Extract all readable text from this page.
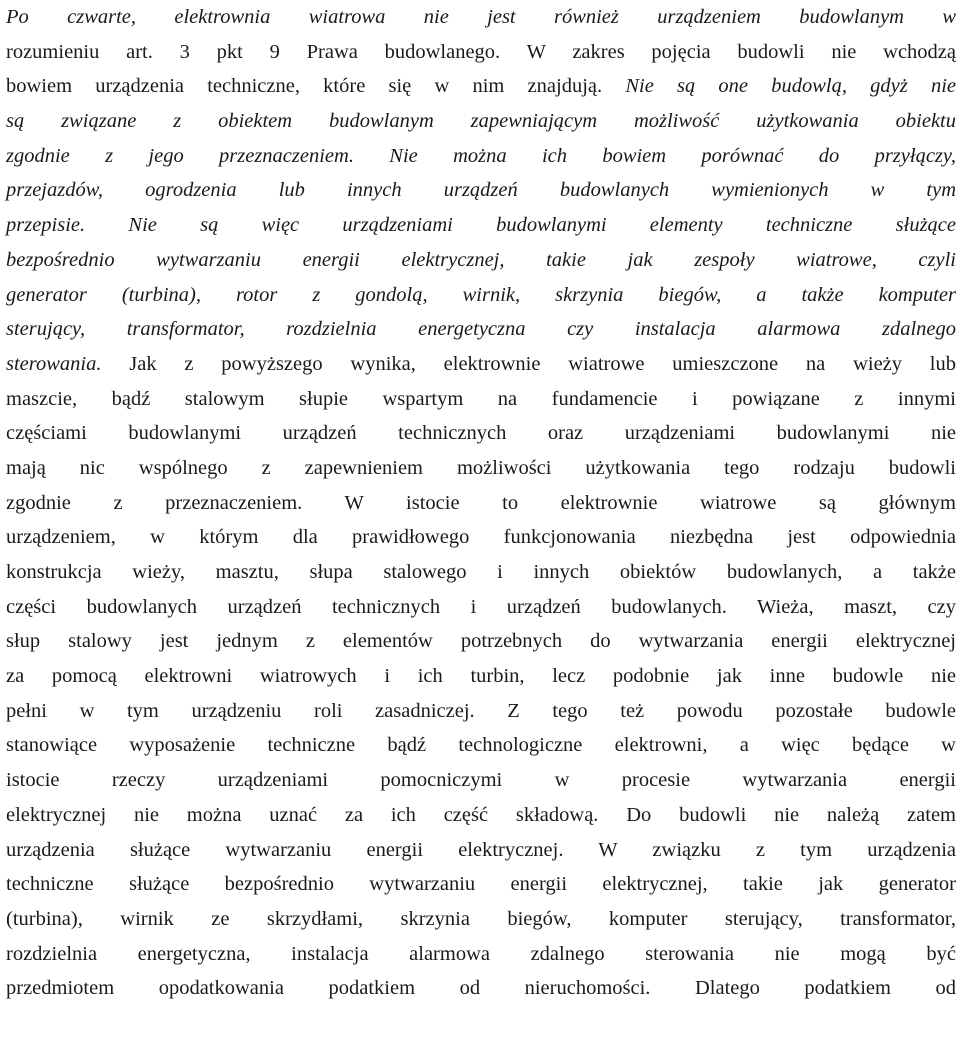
Po czwarte, elektrownia wiatrowa nie jest również urządzeniem budowlanym w
rozumieniu art. 3 pkt 9 Prawa budowlanego. W zakres pojęcia budowli nie wchodzą
bowiem urządzenia techniczne, które się w nim znajdują. Nie są one budowlą, gdyż nie
są związane z obiektem budowlanym zapewniającym możliwość użytkowania obiektu
zgodnie z jego przeznaczeniem. Nie można ich bowiem porównać do przyłączy,
przejazdów, ogrodzenia lub innych urządzeń budowlanych wymienionych w tym
przepisie. Nie są więc urządzeniami budowlanymi elementy techniczne służące
bezpośrednio wytwarzaniu energii elektrycznej, takie jak zespoły wiatrowe, czyli
generator (turbina), rotor z gondolą, wirnik, skrzynia biegów, a także komputer
sterujący, transformator, rozdzielnia energetyczna czy instalacja alarmowa zdalnego
sterowania. Jak z powyższego wynika, elektrownie wiatrowe umieszczone na wieży lub
maszcie, bądź stalowym słupie wspartym na fundamencie i powiązane z innymi
częściami budowlanymi urządzeń technicznych oraz urządzeniami budowlanymi nie
mają nic wspólnego z zapewnieniem możliwości użytkowania tego rodzaju budowli
zgodnie z przeznaczeniem. W istocie to elektrownie wiatrowe są głównym
urządzeniem, w którym dla prawidłowego funkcjonowania niezbędna jest odpowiednia
konstrukcja wieży, masztu, słupa stalowego i innych obiektów budowlanych, a także
części budowlanych urządzeń technicznych i urządzeń budowlanych. Wieża, maszt, czy
słup stalowy jest jednym z elementów potrzebnych do wytwarzania energii elektrycznej
za pomocą elektrowni wiatrowych i ich turbin, lecz podobnie jak inne budowle nie
pełni w tym urządzeniu roli zasadniczej. Z tego też powodu pozostałe budowle
stanowiące wyposażenie techniczne bądź technologiczne elektrowni, a więc będące w
istocie rzeczy urządzeniami pomocniczymi w procesie wytwarzania energii
elektrycznej nie można uznać za ich część składową. Do budowli nie należą zatem
urządzenia służące wytwarzaniu energii elektrycznej. W związku z tym urządzenia
techniczne służące bezpośrednio wytwarzaniu energii elektrycznej, takie jak generator
(turbina), wirnik ze skrzydłami, skrzynia biegów, komputer sterujący, transformator,
rozdzielnia energetyczna, instalacja alarmowa zdalnego sterowania nie mogą być
przedmiotem opodatkowania podatkiem od nieruchomości. Dlatego podatkiem od
